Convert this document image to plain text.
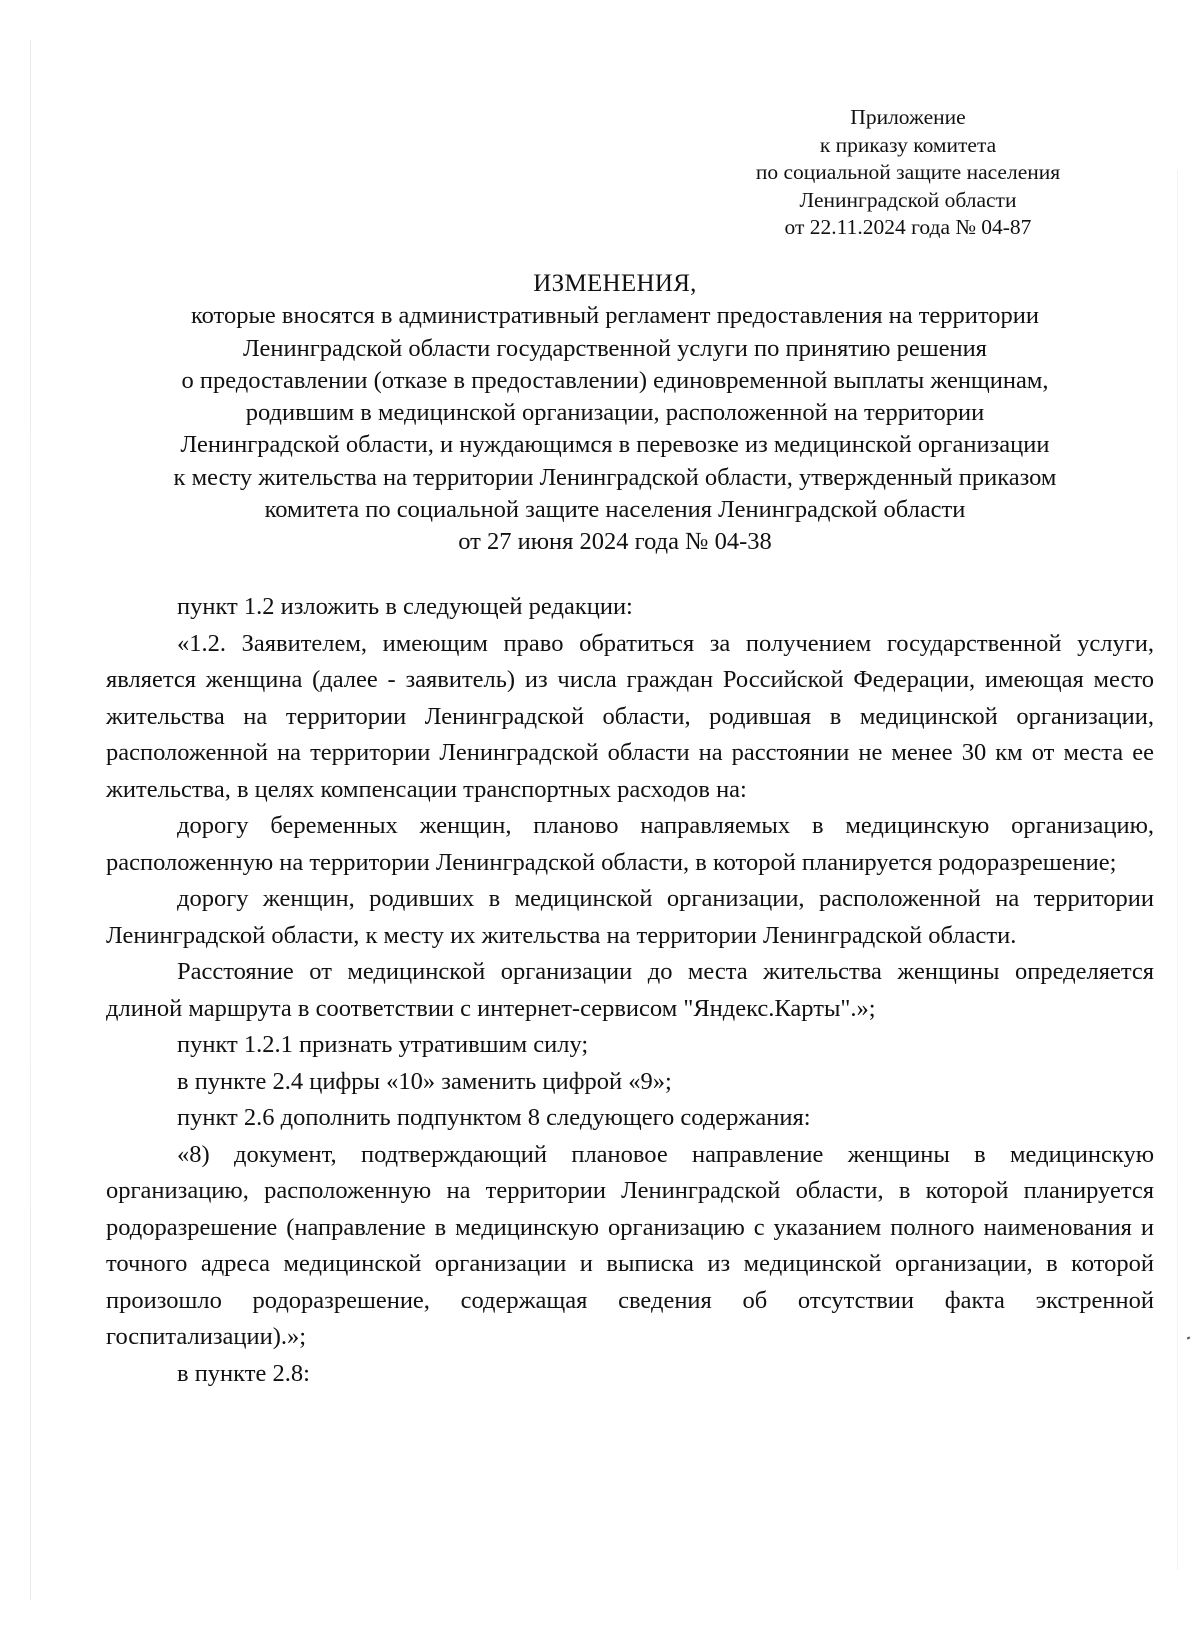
Приложение
к приказу комитета
по социальной защите населения
Ленинградской области
от 22.11.2024 года № 04-87
ИЗМЕНЕНИЯ,
которые вносятся в административный регламент предоставления на территории
Ленинградской области государственной услуги по принятию решения
о предоставлении (отказе в предоставлении) единовременной выплаты женщинам,
родившим в медицинской организации, расположенной на территории
Ленинградской области, и нуждающимся в перевозке из медицинской организации
к месту жительства на территории Ленинградской области, утвержденный приказом
комитета по социальной защите населения Ленинградской области
от 27 июня 2024 года № 04-38

пункт 1.2 изложить в следующей редакции:

«1.2. Заявителем, имеющим право обратиться за получением государственной услуги, является женщина (далее - заявитель) из числа граждан Российской Федерации, имеющая место жительства на территории Ленинградской области, родившая в медицинской организации, расположенной на территории Ленинградской области на расстоянии не менее 30 км от места ее жительства, в целях компенсации транспортных расходов на:

дорогу беременных женщин, планово направляемых в медицинскую организацию, расположенную на территории Ленинградской области, в которой планируется родоразрешение;

дорогу женщин, родивших в медицинской организации, расположенной на территории Ленинградской области, к месту их жительства на территории Ленинградской области.

Расстояние от медицинской организации до места жительства женщины определяется длиной маршрута в соответствии с интернет-сервисом "Яндекс.Карты".»;

пункт 1.2.1 признать утратившим силу;

в пункте 2.4 цифры «10» заменить цифрой «9»;

пункт 2.6 дополнить подпунктом 8 следующего содержания:

«8) документ, подтверждающий плановое направление женщины в медицинскую организацию, расположенную на территории Ленинградской области, в которой планируется родоразрешение (направление в медицинскую организацию с указанием полного наименования и точного адреса медицинской организации и выписка из медицинской организации, в которой произошло родоразрешение, содержащая сведения об отсутствии факта экстренной госпитализации).»;

в пункте 2.8:
